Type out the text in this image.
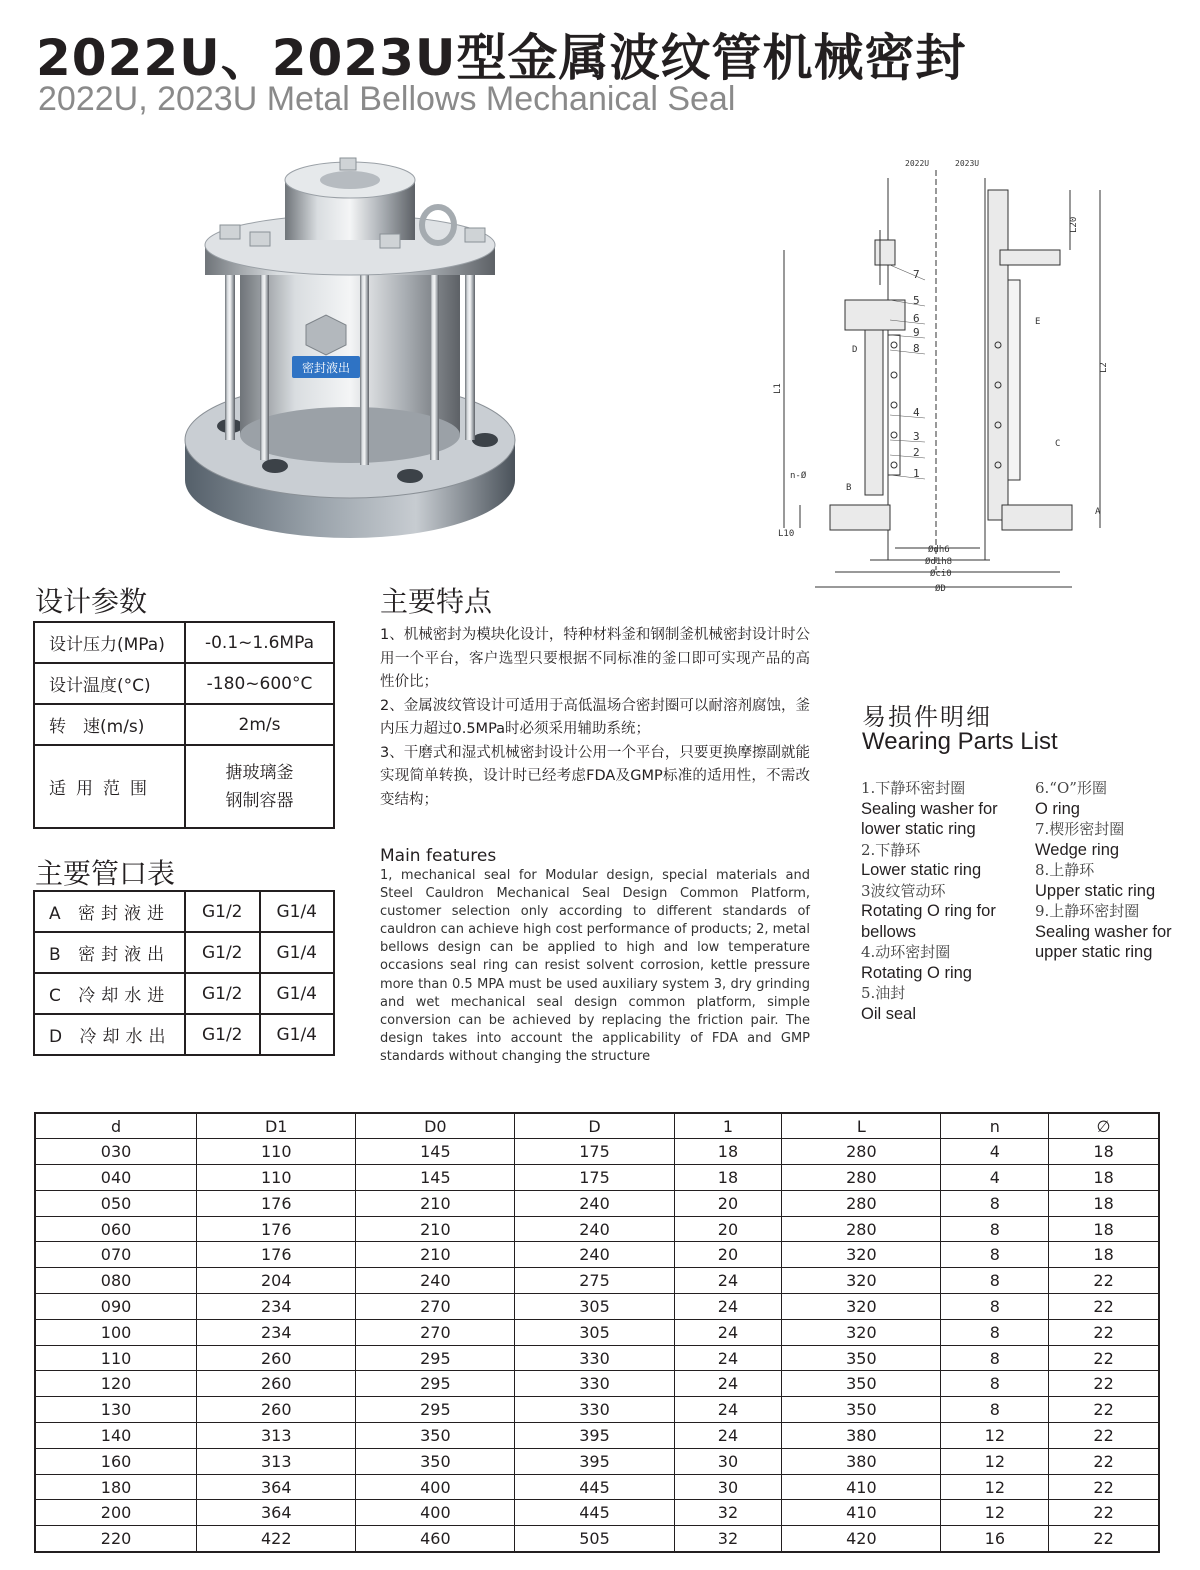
2022U、2023U型金属波纹管机械密封
2022U, 2023U Metal Bellows Mechanical Seal
密封液出
2022U	2023U
7
5
6
9
8
4
3
2
1
L20
L2
L1
L10
n-Ø
A
B
C
D
E
Ødh6
Ød1h8
Øci0
ØD
设计参数
设计压力(MPa)	-0.1~1.6MPa
设计温度(°C)	-180~600°C
转　速(m/s)	2m/s
适用范围	搪玻璃釜
钢制容器
主要管口表
A 密封液进	G1/2	G1/4
B 密封液出	G1/2	G1/4
C 冷却水进	G1/2	G1/4
D 冷却水出	G1/2	G1/4
主要特点

1、机械密封为模块化设计，特种材料釜和钢制釜机械密封设计时公用一个平台，客户选型只要根据不同标准的釜口即可实现产品的高性价比；

2、金属波纹管设计可适用于高低温场合密封圈可以耐溶剂腐蚀，釜内压力超过0.5MPa时必须采用辅助系统；

3、干磨式和湿式机械密封设计公用一个平台，只要更换摩擦副就能实现简单转换，设计时已经考虑FDA及GMP标准的适用性，不需改变结构；

Main features
1, mechanical seal for Modular design, special materials and Steel Cauldron Mechanical Seal Design Common Platform, customer selection only according to different standards of cauldron can achieve high cost performance of products; 2, metal bellows design can be applied to high and low temperature occasions seal ring can resist solvent corrosion, kettle pressure more than 0.5 MPA must be used auxiliary system 3, dry grinding and wet mechanical seal design common platform, simple conversion can be achieved by replacing the friction pair. The design takes into account the applicability of FDA and GMP standards without changing the structure
易损件明细
Wearing Parts List
1.下静环密封圈
Sealing washer for lower static ring
2.下静环
Lower static ring
3波纹管动环
Rotating O ring for bellows
4.动环密封圈
Rotating O ring
5.油封
Oil seal
6.“O”形圈
O ring
7.楔形密封圈
Wedge ring
8.上静环
Upper static ring
9.上静环密封圈
Sealing washer for upper static ring
d	D1	D0	D	1	L	n	∅
030	110	145	175	18	280	4	18
040	110	145	175	18	280	4	18
050	176	210	240	20	280	8	18
060	176	210	240	20	280	8	18
070	176	210	240	20	320	8	18
080	204	240	275	24	320	8	22
090	234	270	305	24	320	8	22
100	234	270	305	24	320	8	22
110	260	295	330	24	350	8	22
120	260	295	330	24	350	8	22
130	260	295	330	24	350	8	22
140	313	350	395	24	380	12	22
160	313	350	395	30	380	12	22
180	364	400	445	30	410	12	22
200	364	400	445	32	410	12	22
220	422	460	505	32	420	16	22
